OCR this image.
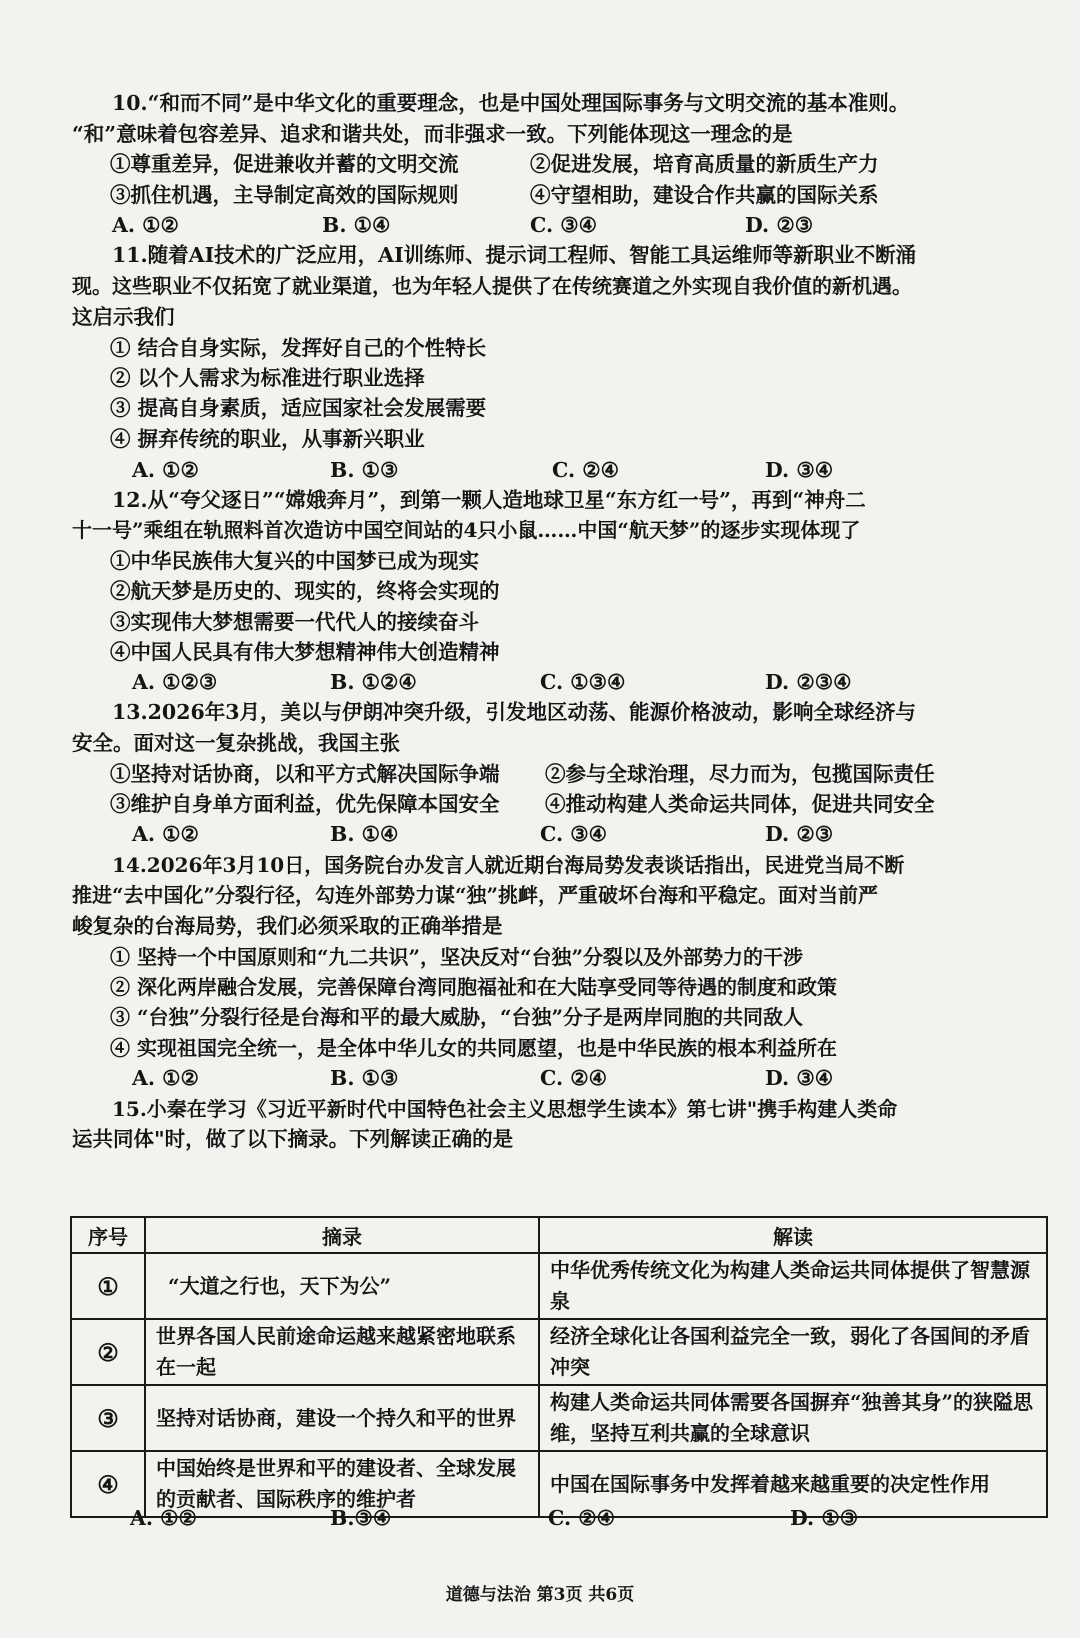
10.“和而不同”是中华文化的重要理念，也是中国处理国际事务与文明交流的基本准则。
“和”意味着包容差异、追求和谐共处，而非强求一致。下列能体现这一理念的是
①尊重差异，促进兼收并蓄的文明交流	②促进发展，培育高质量的新质生产力
③抓住机遇，主导制定高效的国际规则	④守望相助，建设合作共赢的国际关系
A. ①②	B. ①④	C. ③④	D. ②③
11.随着AI技术的广泛应用，AI训练师、提示词工程师、智能工具运维师等新职业不断涌
现。这些职业不仅拓宽了就业渠道，也为年轻人提供了在传统赛道之外实现自我价值的新机遇。
这启示我们
① 结合自身实际，发挥好自己的个性特长
② 以个人需求为标准进行职业选择
③ 提高自身素质，适应国家社会发展需要
④ 摒弃传统的职业，从事新兴职业
A. ①②	B. ①③	C. ②④	D. ③④
12.从“夸父逐日”“嫦娥奔月”，到第一颗人造地球卫星“东方红一号”，再到“神舟二
十一号”乘组在轨照料首次造访中国空间站的4只小鼠……中国“航天梦”的逐步实现体现了
①中华民族伟大复兴的中国梦已成为现实
②航天梦是历史的、现实的，终将会实现的
③实现伟大梦想需要一代代人的接续奋斗
④中国人民具有伟大梦想精神伟大创造精神
A. ①②③	B. ①②④	C. ①③④	D. ②③④
13.2026年3月，美以与伊朗冲突升级，引发地区动荡、能源价格波动，影响全球经济与
安全。面对这一复杂挑战，我国主张
①坚持对话协商，以和平方式解决国际争端 ②参与全球治理，尽力而为，包揽国际责任
③维护自身单方面利益，优先保障本国安全 ④推动构建人类命运共同体，促进共同安全
A. ①②	B. ①④	C. ③④	D. ②③
14.2026年3月10日，国务院台办发言人就近期台海局势发表谈话指出，民进党当局不断
推进“去中国化”分裂行径，勾连外部势力谋“独”挑衅，严重破坏台海和平稳定。面对当前严
峻复杂的台海局势，我们必须采取的正确举措是
① 坚持一个中国原则和“九二共识”，坚决反对“台独”分裂以及外部势力的干涉
② 深化两岸融合发展，完善保障台湾同胞福祉和在大陆享受同等待遇的制度和政策
③ “台独”分裂行径是台海和平的最大威胁，“台独”分子是两岸同胞的共同敌人
④ 实现祖国完全统一，是全体中华儿女的共同愿望，也是中华民族的根本利益所在
A. ①②	B. ①③	C. ②④	D. ③④
15.小秦在学习《习近平新时代中国特色社会主义思想学生读本》第七讲"携手构建人类命
运共同体"时，做了以下摘录。下列解读正确的是
序号	摘录	解读
①	“大道之行也，天下为公”	中华优秀传统文化为构建人类命运共同体提供了智慧源泉
②	世界各国人民前途命运越来越紧密地联系在一起	经济全球化让各国利益完全一致，弱化了各国间的矛盾冲突
③	坚持对话协商，建设一个持久和平的世界	构建人类命运共同体需要各国摒弃“独善其身”的狭隘思维，坚持互利共赢的全球意识
④	中国始终是世界和平的建设者、全球发展的贡献者、国际秩序的维护者	中国在国际事务中发挥着越来越重要的决定性作用
A. ①②	B.③④	C. ②④	D. ①③
道德与法治 第3页 共6页
